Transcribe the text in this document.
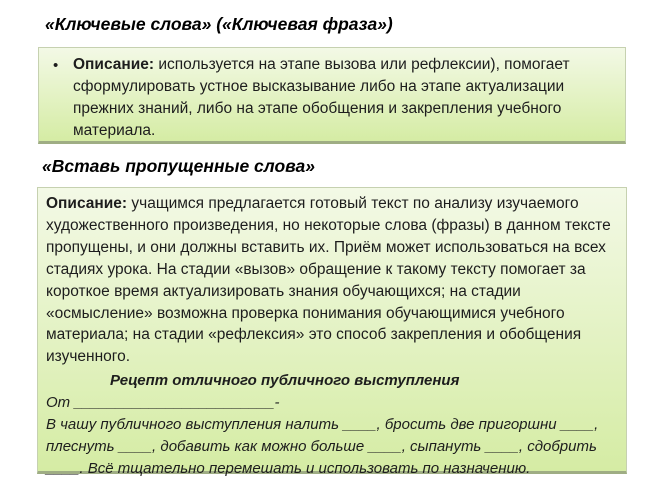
«Ключевые слова» («Ключевая фраза»)
• Описание: используется на этапе вызова или рефлексии), помогает сформулировать устное высказывание либо на этапе актуализации прежних знаний, либо на этапе обобщения и закрепления учебного материала.
«Вставь пропущенные слова»
Описание: учащимся предлагается готовый текст по анализу изучаемого художественного произведения, но некоторые слова (фразы) в данном тексте пропущены, и они должны вставить их. Приём может использоваться на всех стадиях урока. На стадии «вызов» обращение к такому тексту помогает за короткое время актуализировать знания обучающихся; на стадии «осмысление» возможна проверка понимания обучающимися учебного материала; на стадии «рефлексия» это способ закрепления и обобщения изученного.
Рецепт отличного публичного выступления
От ________________________-
В чашу публичного выступления налить ____, бросить две пригоршни ____,
плеснуть ____, добавить как можно больше ____, сыпануть ____, сдобрить
____. Всё тщательно перемешать и использовать по назначению.
